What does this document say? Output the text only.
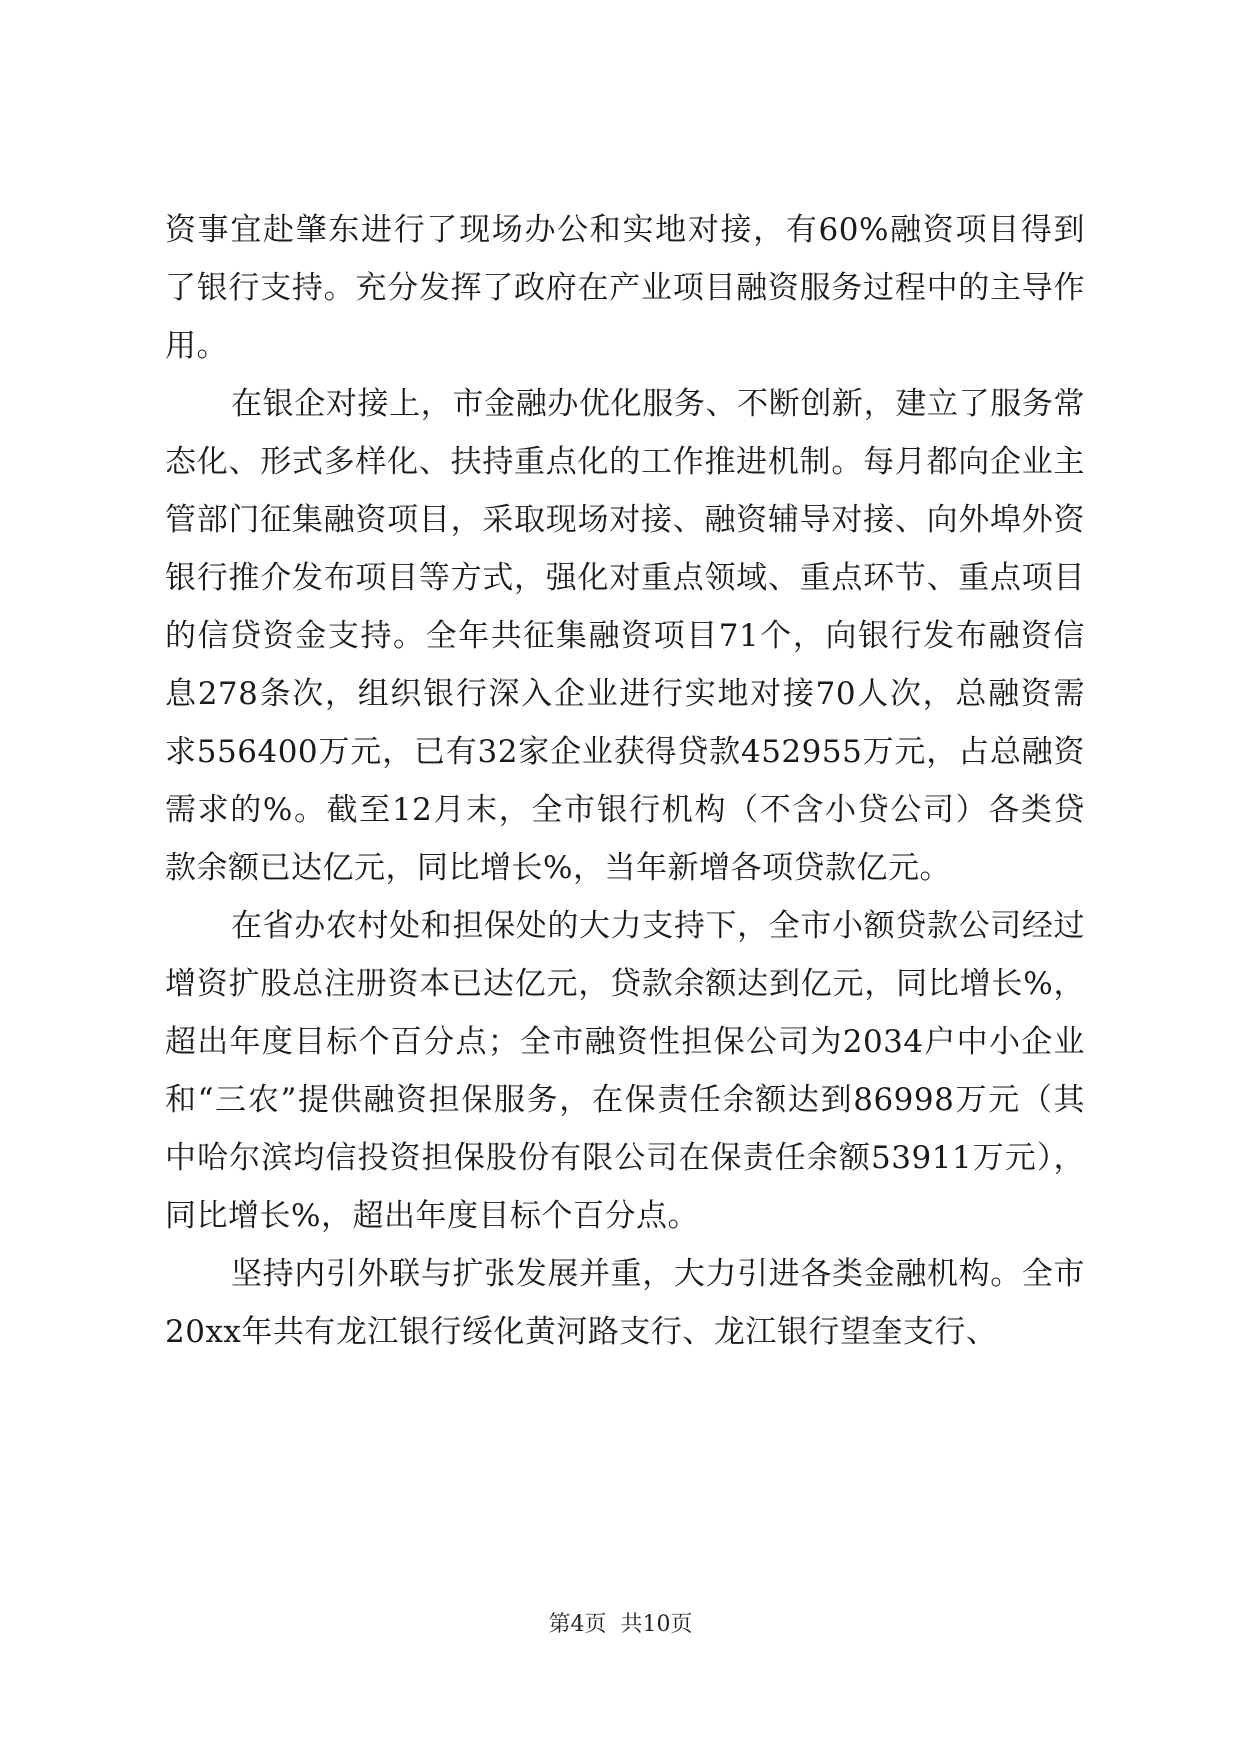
资事宜赴肇东进行了现场办公和实地对接，有60%融资项目得到了银行支持。充分发挥了政府在产业项目融资服务过程中的主导作用。

在银企对接上，市金融办优化服务、不断创新，建立了服务常态化、形式多样化、扶持重点化的工作推进机制。每月都向企业主管部门征集融资项目，采取现场对接、融资辅导对接、向外埠外资银行推介发布项目等方式，强化对重点领域、重点环节、重点项目的信贷资金支持。全年共征集融资项目71个，向银行发布融资信息278条次，组织银行深入企业进行实地对接70人次，总融资需求556400万元，已有32家企业获得贷款452955万元，占总融资需求的%。截至12月末，全市银行机构（不含小贷公司）各类贷款余额已达亿元，同比增长%，当年新增各项贷款亿元。

在省办农村处和担保处的大力支持下，全市小额贷款公司经过增资扩股总注册资本已达亿元，贷款余额达到亿元，同比增长%，超出年度目标个百分点；全市融资性担保公司为2034户中小企业和“三农”提供融资担保服务，在保责任余额达到86998万元（其中哈尔滨均信投资担保股份有限公司在保责任余额53911万元），同比增长%，超出年度目标个百分点。

坚持内引外联与扩张发展并重，大力引进各类金融机构。全市20xx年共有龙江银行绥化黄河路支行、龙江银行望奎支行、

第4页  共10页
